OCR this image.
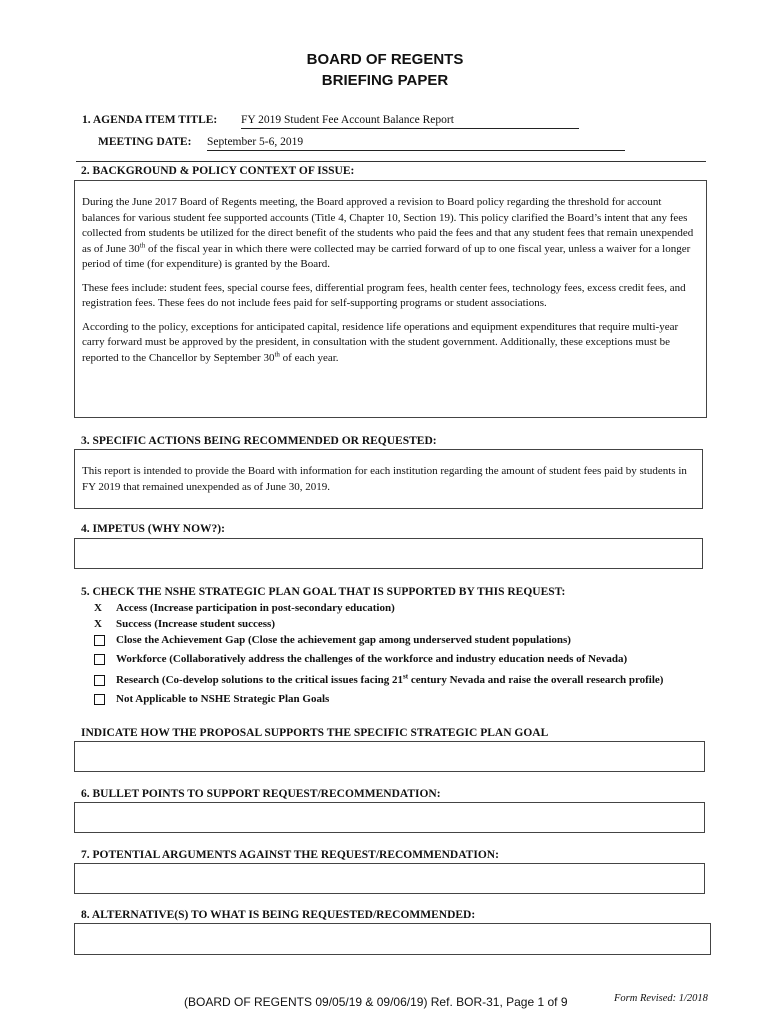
BOARD OF REGENTS
BRIEFING PAPER
1. AGENDA ITEM TITLE: FY 2019 Student Fee Account Balance Report
MEETING DATE: September 5-6, 2019
2. BACKGROUND & POLICY CONTEXT OF ISSUE:

During the June 2017 Board of Regents meeting, the Board approved a revision to Board policy regarding the threshold for account balances for various student fee supported accounts (Title 4, Chapter 10, Section 19). This policy clarified the Board’s intent that any fees collected from students be utilized for the direct benefit of the students who paid the fees and that any student fees that remain unexpended as of June 30th of the fiscal year in which there were collected may be carried forward of up to one fiscal year, unless a waiver for a longer period of time (for expenditure) is granted by the Board.

These fees include: student fees, special course fees, differential program fees, health center fees, technology fees, excess credit fees, and registration fees. These fees do not include fees paid for self-supporting programs or student associations.

According to the policy, exceptions for anticipated capital, residence life operations and equipment expenditures that require multi-year carry forward must be approved by the president, in consultation with the student government. Additionally, these exceptions must be reported to the Chancellor by September 30th of each year.

3. SPECIFIC ACTIONS BEING RECOMMENDED OR REQUESTED:

This report is intended to provide the Board with information for each institution regarding the amount of student fees paid by students in FY 2019 that remained unexpended as of June 30, 2019.

4. IMPETUS (WHY NOW?):

5. CHECK THE NSHE STRATEGIC PLAN GOAL THAT IS SUPPORTED BY THIS REQUEST:
X	Access (Increase participation in post-secondary education)
X	Success (Increase student success)
Close the Achievement Gap (Close the achievement gap among underserved student populations)
Workforce (Collaboratively address the challenges of the workforce and industry education needs of Nevada)
Research (Co-develop solutions to the critical issues facing 21st century Nevada and raise the overall research profile)
Not Applicable to NSHE Strategic Plan Goals
INDICATE HOW THE PROPOSAL SUPPORTS THE SPECIFIC STRATEGIC PLAN GOAL

6. BULLET POINTS TO SUPPORT REQUEST/RECOMMENDATION:

7. POTENTIAL ARGUMENTS AGAINST THE REQUEST/RECOMMENDATION:

8. ALTERNATIVE(S) TO WHAT IS BEING REQUESTED/RECOMMENDED:

(BOARD OF REGENTS 09/05/19 & 09/06/19) Ref. BOR-31, Page 1 of 9	Form Revised: 1/2018
